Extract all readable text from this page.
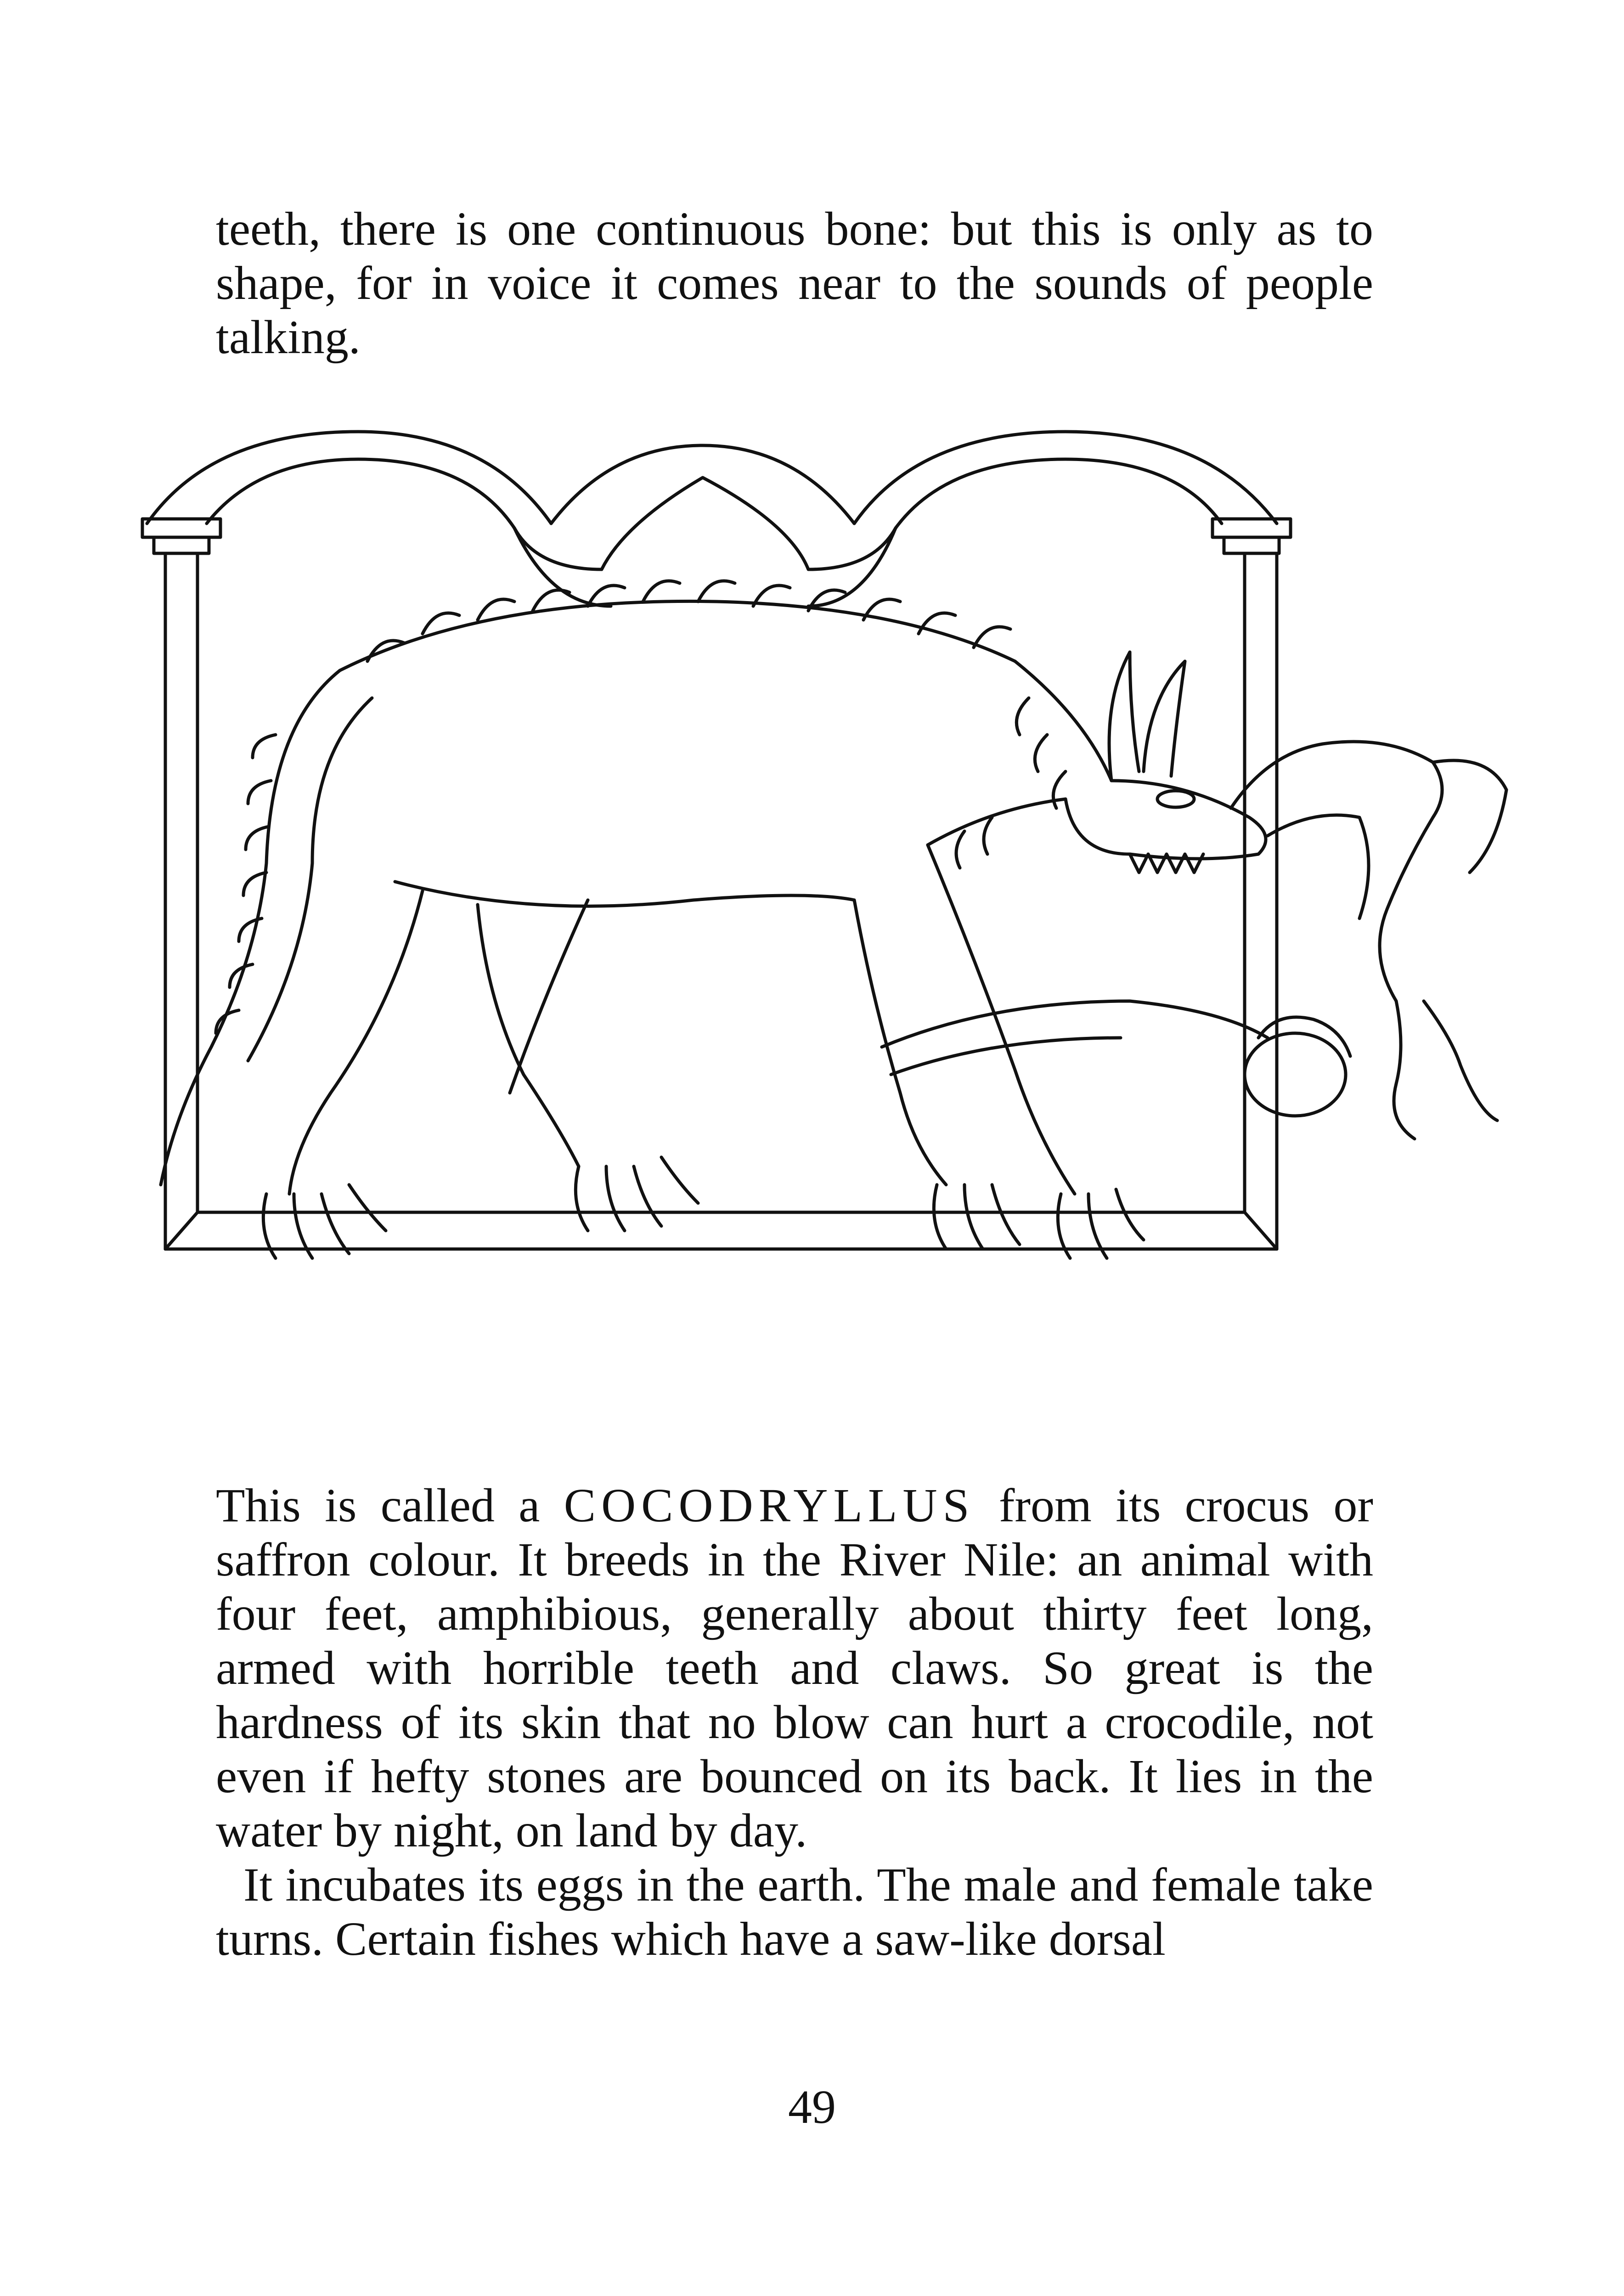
teeth, there is one continuous bone: but this is only as to shape, for in voice it comes near to the sounds of people talking.

This is called a COCODRYLLUS from its crocus or saffron colour. It breeds in the River Nile: an animal with four feet, amphibious, generally about thirty feet long, armed with horrible teeth and claws. So great is the hardness of its skin that no blow can hurt a crocodile, not even if hefty stones are bounced on its back. It lies in the water by night, on land by day.

It incubates its eggs in the earth. The male and female take turns. Certain fishes which have a saw-like dorsal

49
